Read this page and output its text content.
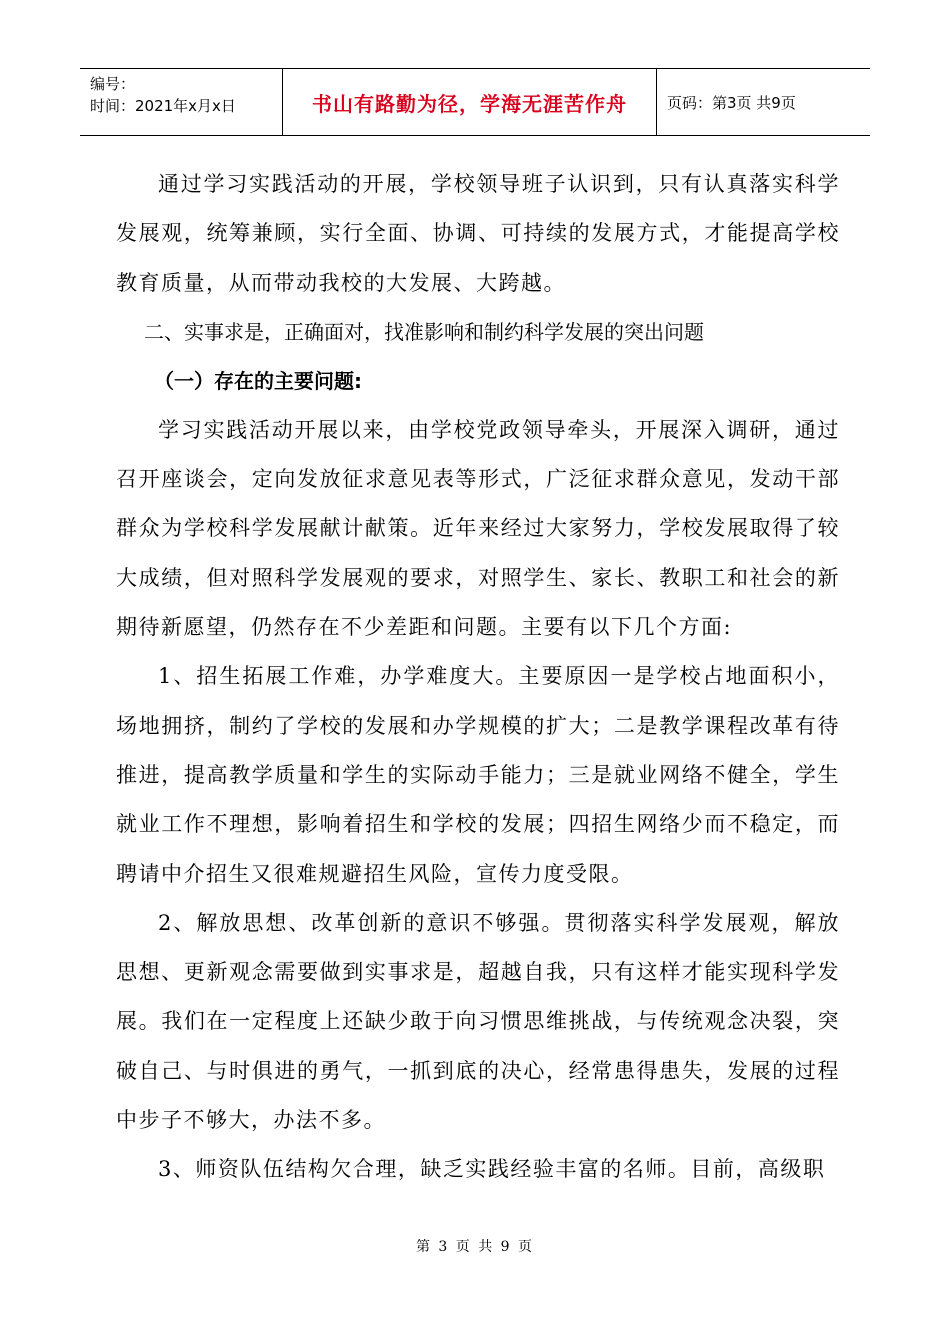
编号：
时间：2021年x月x日	书山有路勤为径，学海无涯苦作舟	页码：第3页 共9页

通过学习实践活动的开展，学校领导班子认识到，只有认真落实科学发展观，统筹兼顾，实行全面、协调、可持续的发展方式，才能提高学校教育质量，从而带动我校的大发展、大跨越。

二、实事求是，正确面对，找准影响和制约科学发展的突出问题

（一）存在的主要问题:

学习实践活动开展以来，由学校党政领导牵头，开展深入调研，通过召开座谈会，定向发放征求意见表等形式，广泛征求群众意见，发动干部群众为学校科学发展献计献策。近年来经过大家努力，学校发展取得了较大成绩，但对照科学发展观的要求，对照学生、家长、教职工和社会的新期待新愿望，仍然存在不少差距和问题。主要有以下几个方面:

1、招生拓展工作难，办学难度大。主要原因一是学校占地面积小，场地拥挤，制约了学校的发展和办学规模的扩大；二是教学课程改革有待推进，提高教学质量和学生的实际动手能力；三是就业网络不健全，学生就业工作不理想，影响着招生和学校的发展；四招生网络少而不稳定，而聘请中介招生又很难规避招生风险，宣传力度受限。

2、解放思想、改革创新的意识不够强。贯彻落实科学发展观，解放思想、更新观念需要做到实事求是，超越自我，只有这样才能实现科学发展。我们在一定程度上还缺少敢于向习惯思维挑战，与传统观念决裂，突破自己、与时俱进的勇气，一抓到底的决心，经常患得患失，发展的过程中步子不够大，办法不多。

3、师资队伍结构欠合理，缺乏实践经验丰富的名师。目前，高级职

第 3 页 共 9 页
